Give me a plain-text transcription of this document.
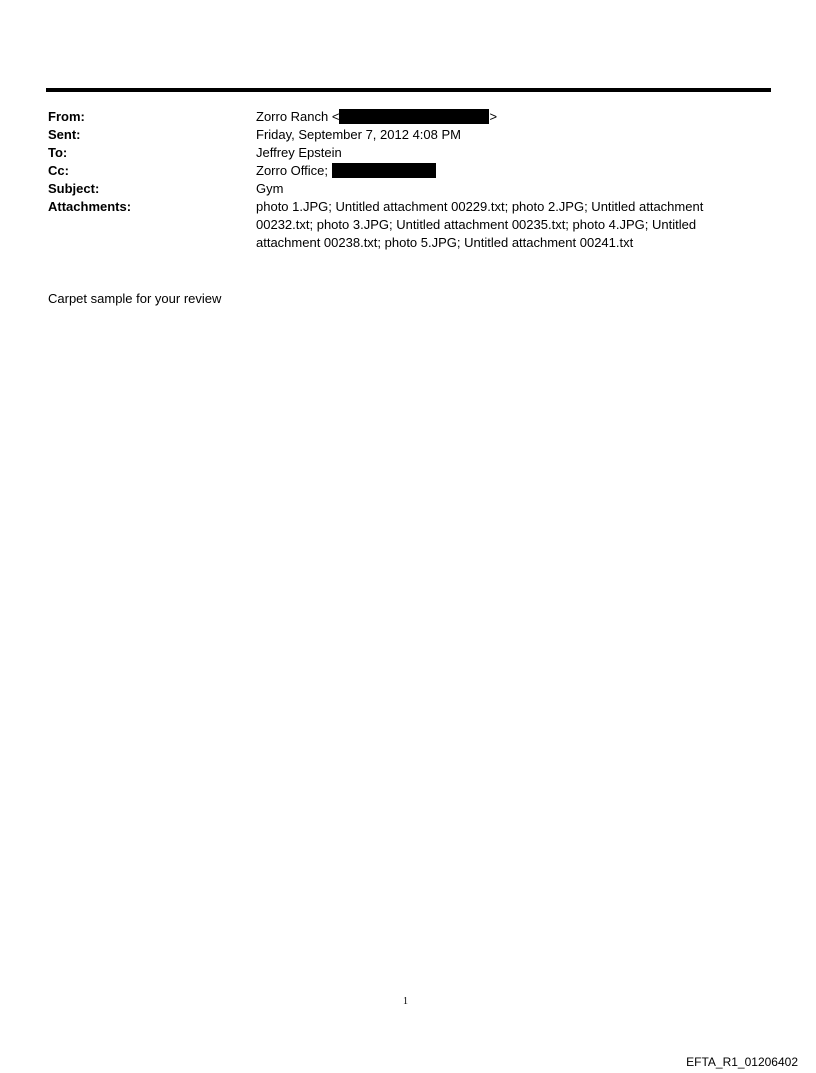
From:	Zorro Ranch <	>
Sent:	Friday, September 7, 2012 4:08 PM
To:	Jeffrey Epstein
Cc:	Zorro Office;
Subject:	Gym
Attachments:	photo 1.JPG; Untitled attachment 00229.txt; photo 2.JPG; Untitled attachment 00232.txt; photo 3.JPG; Untitled attachment 00235.txt; photo 4.JPG; Untitled attachment 00238.txt; photo 5.JPG; Untitled attachment 00241.txt
Carpet sample for your review
1
EFTA_R1_01206402
